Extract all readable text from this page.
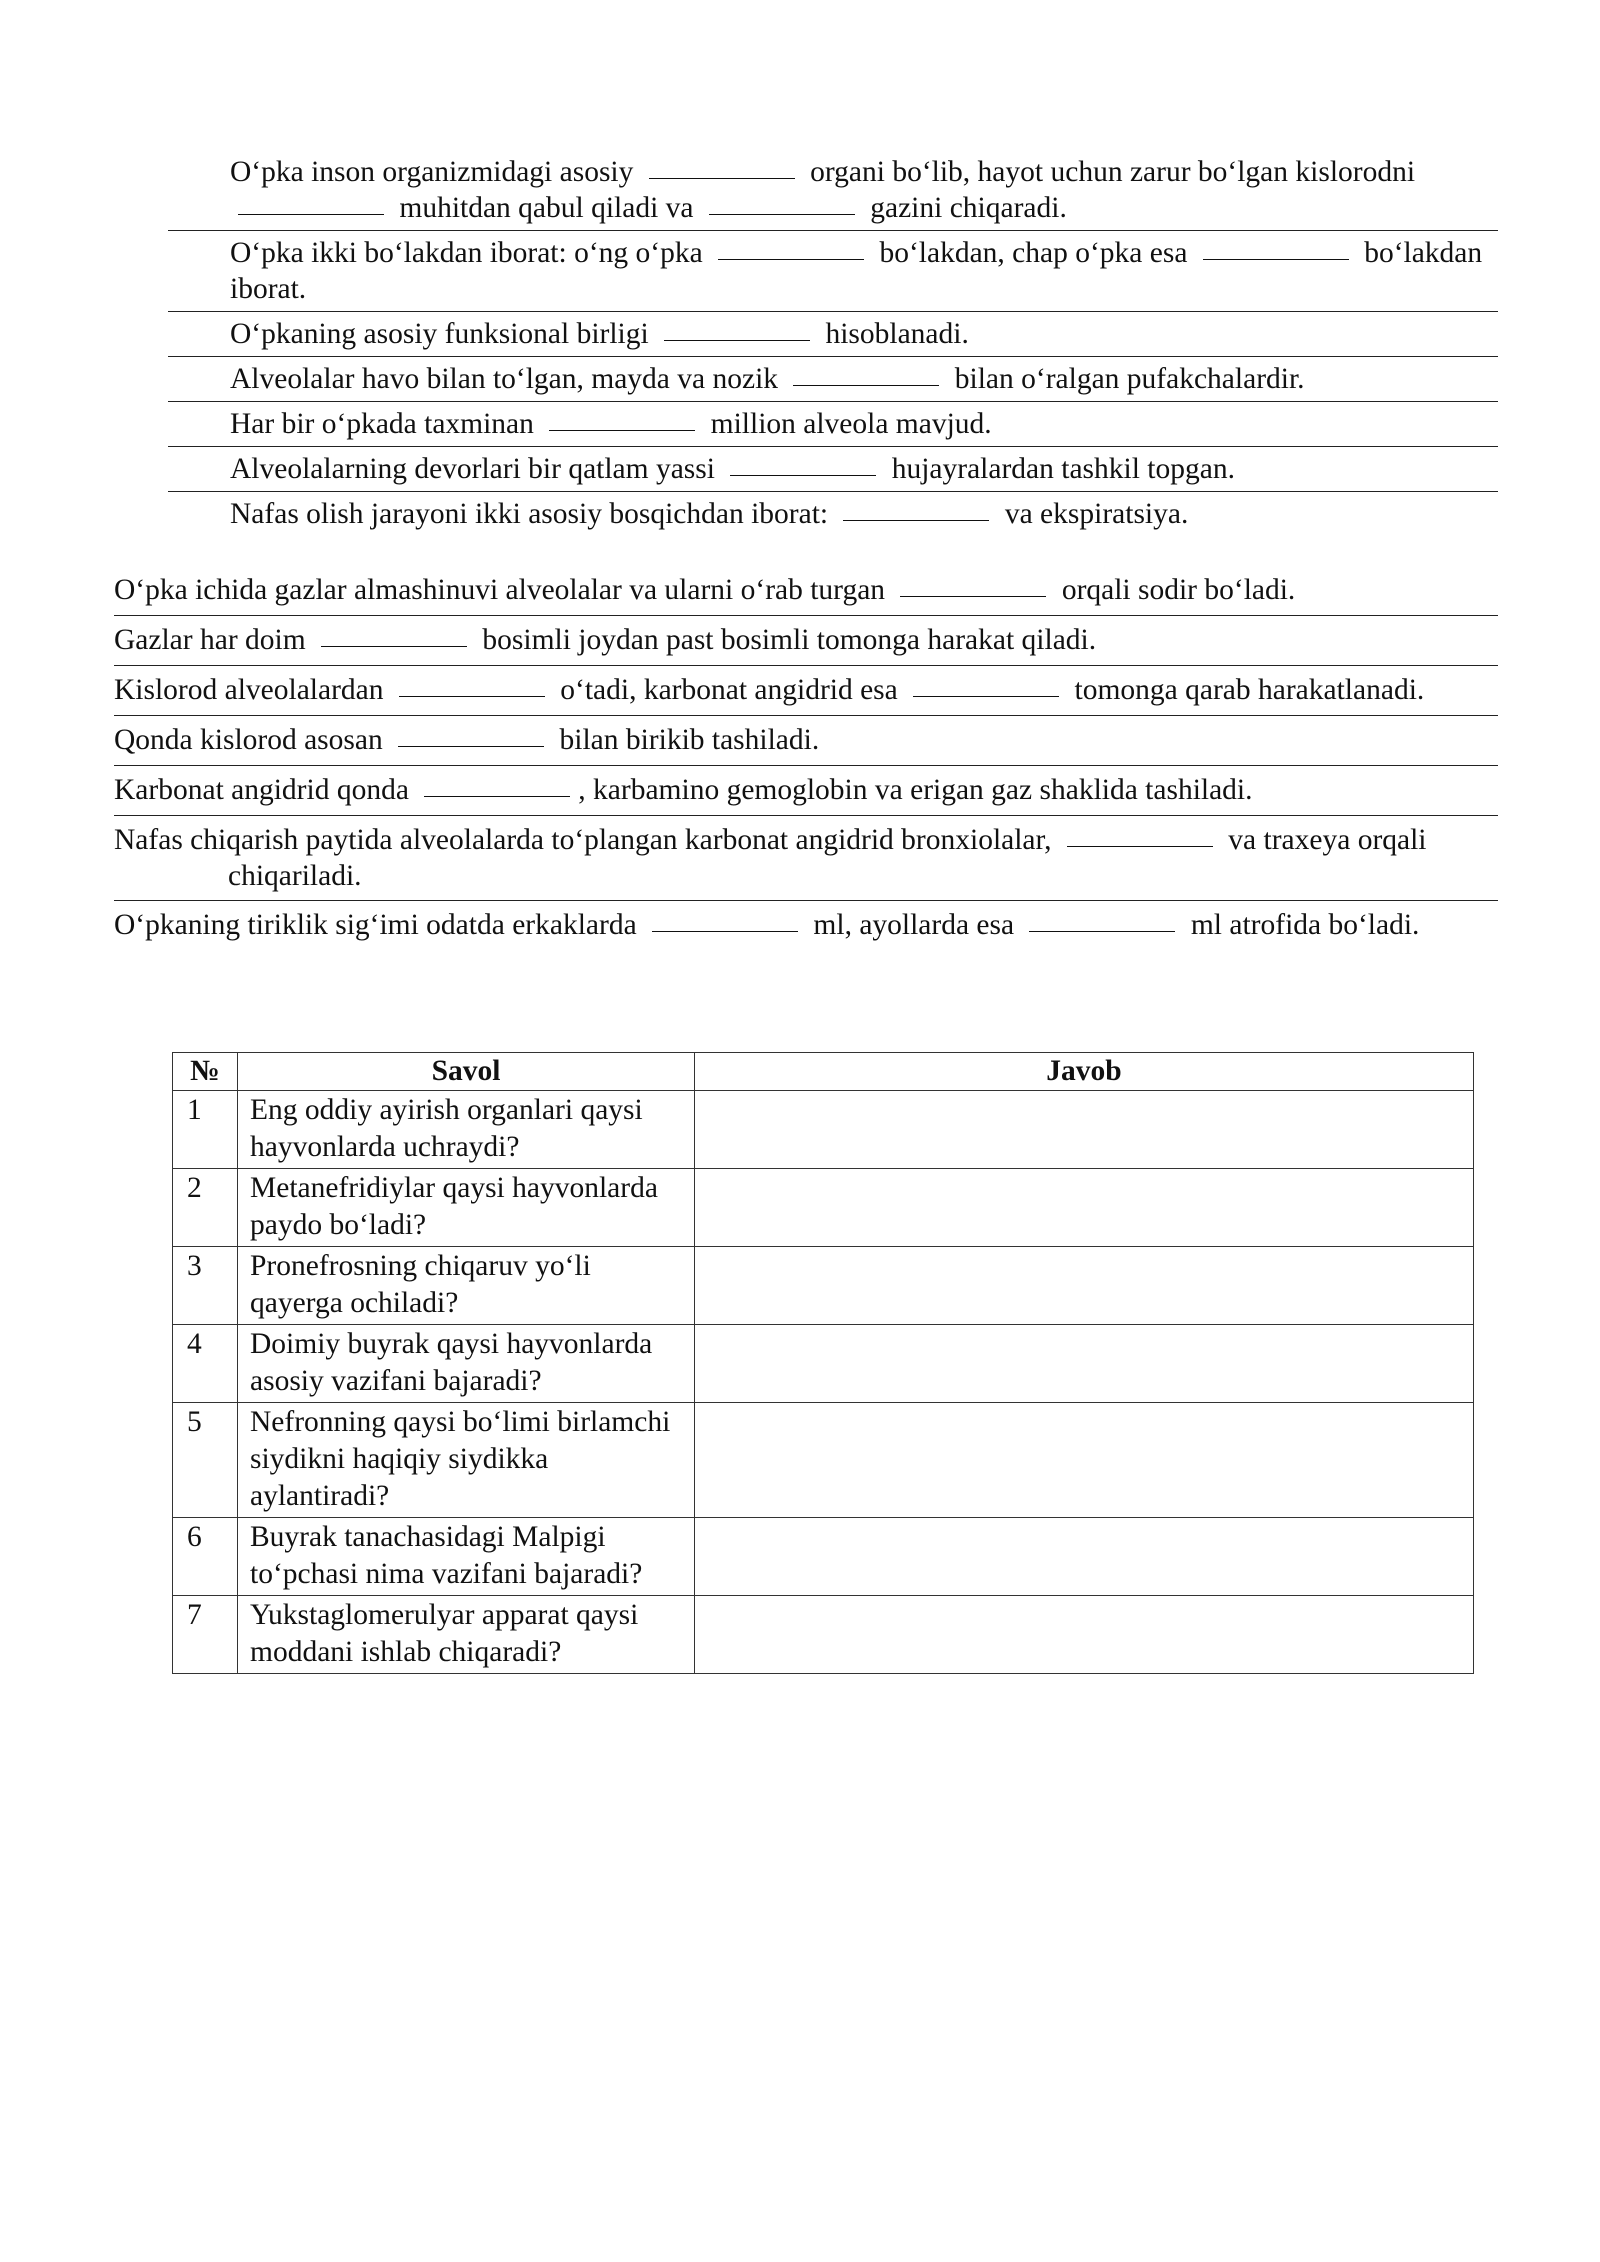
O‘pka inson organizmidagi asosiy	organi bo‘lib, hayot uchun zarur bo‘lgan kislorodni  muhitdan qabul qiladi va	gazini chiqaradi.
O‘pka ikki bo‘lakdan iborat: o‘ng o‘pka	bo‘lakdan, chap o‘pka esa	bo‘lakdan iborat.
O‘pkaning asosiy funksional birligi	hisoblanadi.
Alveolalar havo bilan to‘lgan, mayda va nozik	bilan o‘ralgan pufakchalardir.
Har bir o‘pkada taxminan	million alveola mavjud.
Alveolalarning devorlari bir qatlam yassi	hujayralardan tashkil topgan.
Nafas olish jarayoni ikki asosiy bosqichdan iborat:	va ekspiratsiya.
O‘pka ichida gazlar almashinuvi alveolalar va ularni o‘rab turgan	orqali sodir bo‘ladi.
Gazlar har doim	bosimli joydan past bosimli tomonga harakat qiladi.
Kislorod alveolalardan	o‘tadi, karbonat angidrid esa	tomonga qarab harakatlanadi.
Qonda kislorod asosan	bilan birikib tashiladi.
Karbonat angidrid qonda	, karbamino gemoglobin va erigan gaz shaklida tashiladi.
Nafas chiqarish paytida alveolalarda to‘plangan karbonat angidrid bronxiolalar,	va traxeya orqali chiqariladi.
O‘pkaning tiriklik sig‘imi odatda erkaklarda	ml, ayollarda esa	ml atrofida bo‘ladi.
№	Savol	Javob
1	Eng oddiy ayirish organlari qaysi hayvonlarda uchraydi?	
2	Metanefridiylar qaysi hayvonlarda paydo bo‘ladi?	
3	Pronefrosning chiqaruv yo‘li qayerga ochiladi?	
4	Doimiy buyrak qaysi hayvonlarda asosiy vazifani bajaradi?	
5	Nefronning qaysi bo‘limi birlamchi siydikni haqiqiy siydikka aylantiradi?	
6	Buyrak tanachasidagi Malpigi to‘pchasi nima vazifani bajaradi?	
7	Yukstaglomerulyar apparat qaysi moddani ishlab chiqaradi?	
